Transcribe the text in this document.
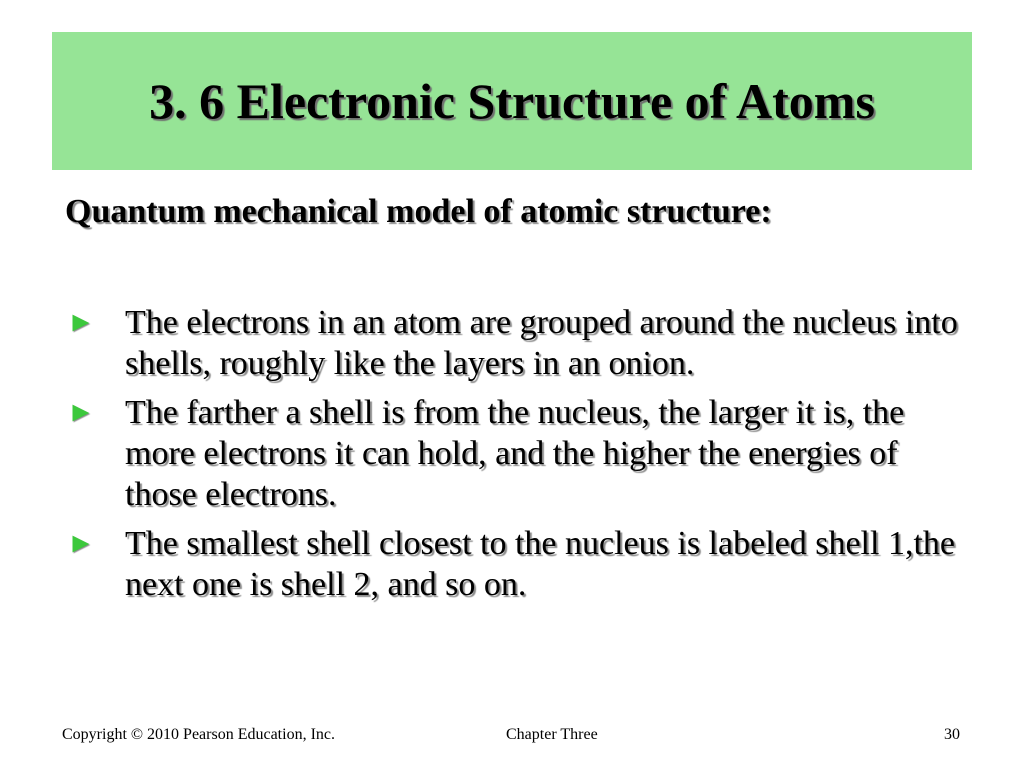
3. 6 Electronic Structure of Atoms
Quantum mechanical model of atomic structure:
► The electrons in an atom are grouped around the nucleus into shells, roughly like the layers in an onion.
► The farther a shell is from the nucleus, the larger it is, the more electrons it can hold, and the higher the energies of those electrons.
► The smallest shell closest to the nucleus is labeled shell 1,the next one is shell 2, and so on.
Copyright © 2010 Pearson Education, Inc.	Chapter Three	30
